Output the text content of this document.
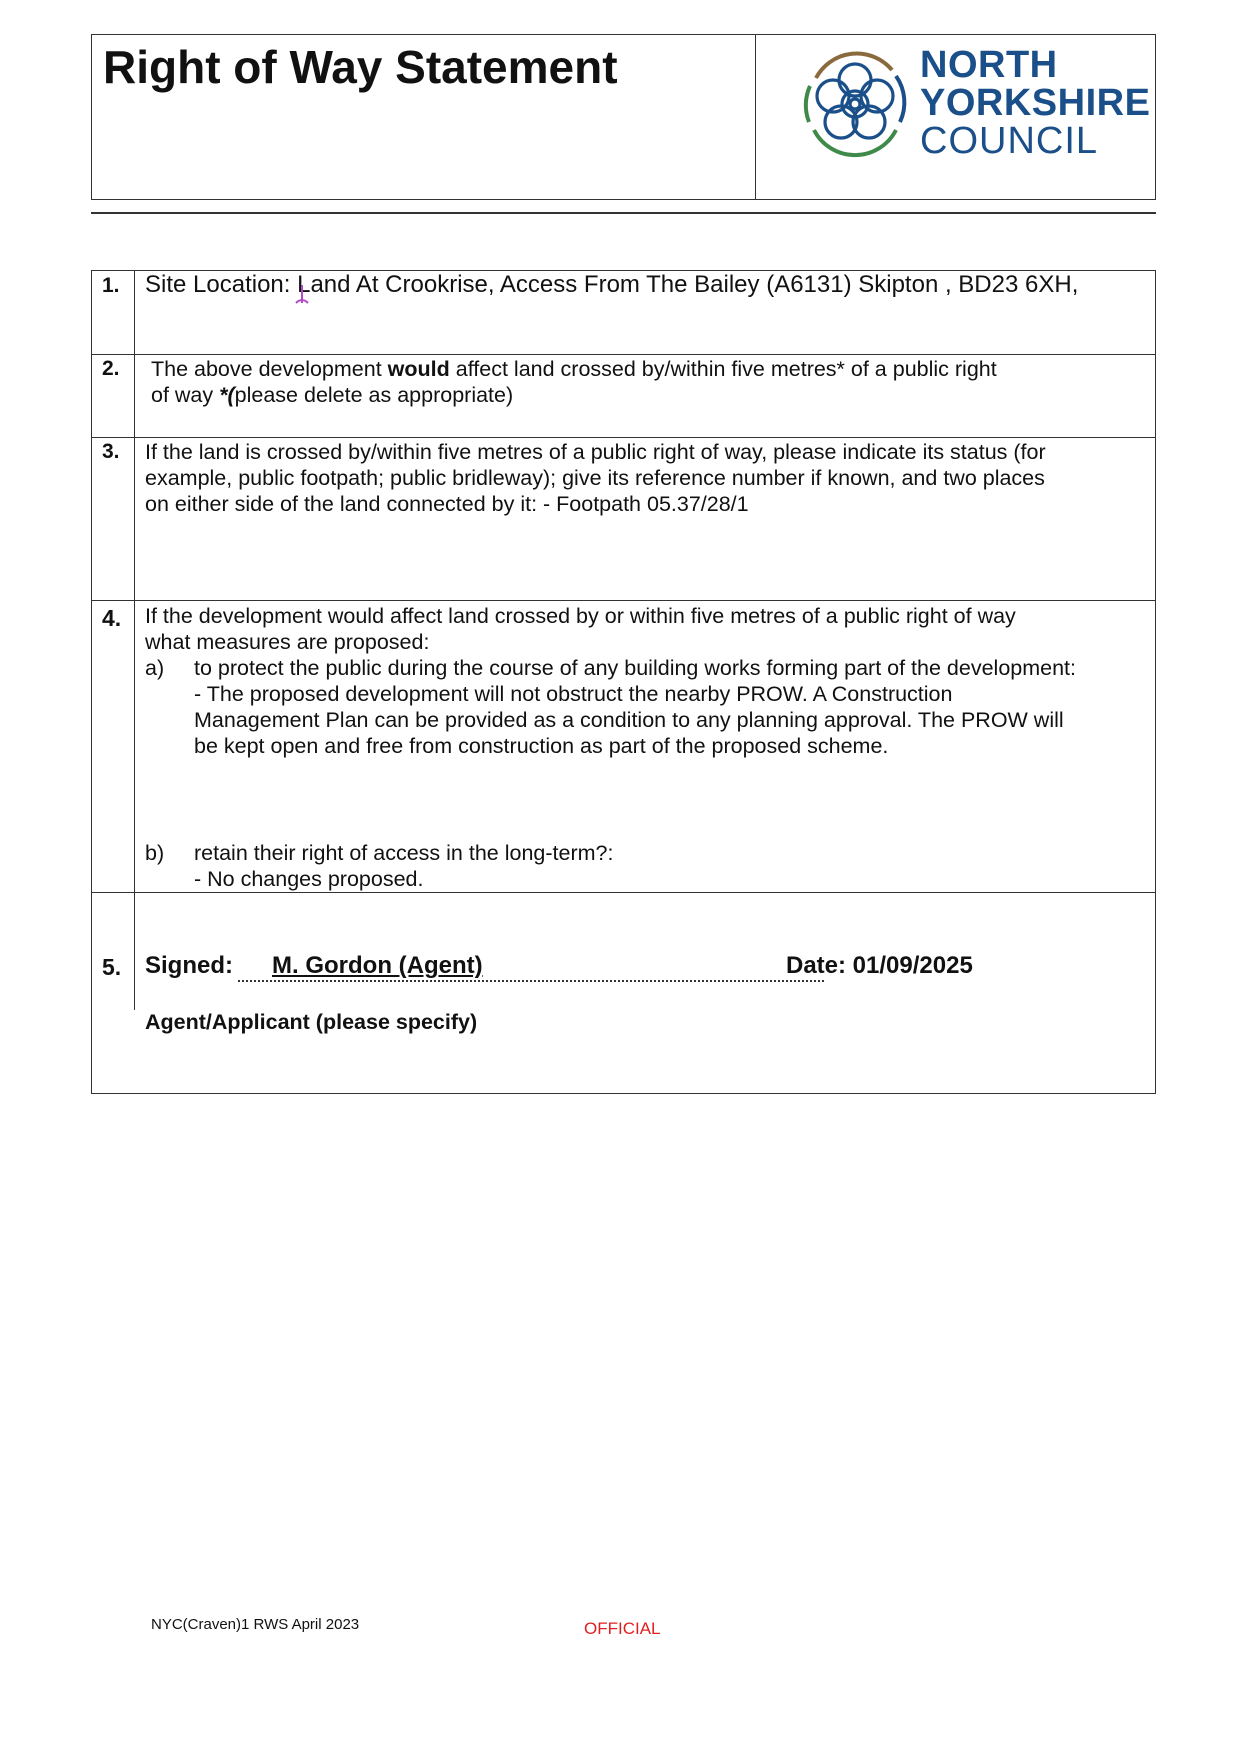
Right of Way Statement	NORTH
YORKSHIRE
COUNCIL
1. Site Location: Land At Crookrise, Access From The Bailey (A6131) Skipton , BD23 6XH,
2. The above development would affect land crossed by/within five metres* of a public right
of way *(please delete as appropriate)
3. If the land is crossed by/within five metres of a public right of way, please indicate its status (for
example, public footpath; public bridleway); give its reference number if known, and two places
on either side of the land connected by it: - Footpath 05.37/28/1
4. If the development would affect land crossed by or within five metres of a public right of way
what measures are proposed:
a) to protect the public during the course of any building works forming part of the development:
- The proposed development will not obstruct the nearby PROW. A Construction
Management Plan can be provided as a condition to any planning approval. The PROW will
be kept open and free from construction as part of the proposed scheme.
b) retain their right of access in the long-term?:
- No changes proposed.
5. Signed: M. Gordon (Agent)	Date: 01/09/2025
Agent/Applicant (please specify)
NYC(Craven)1 RWS April 2023	OFFICIAL
